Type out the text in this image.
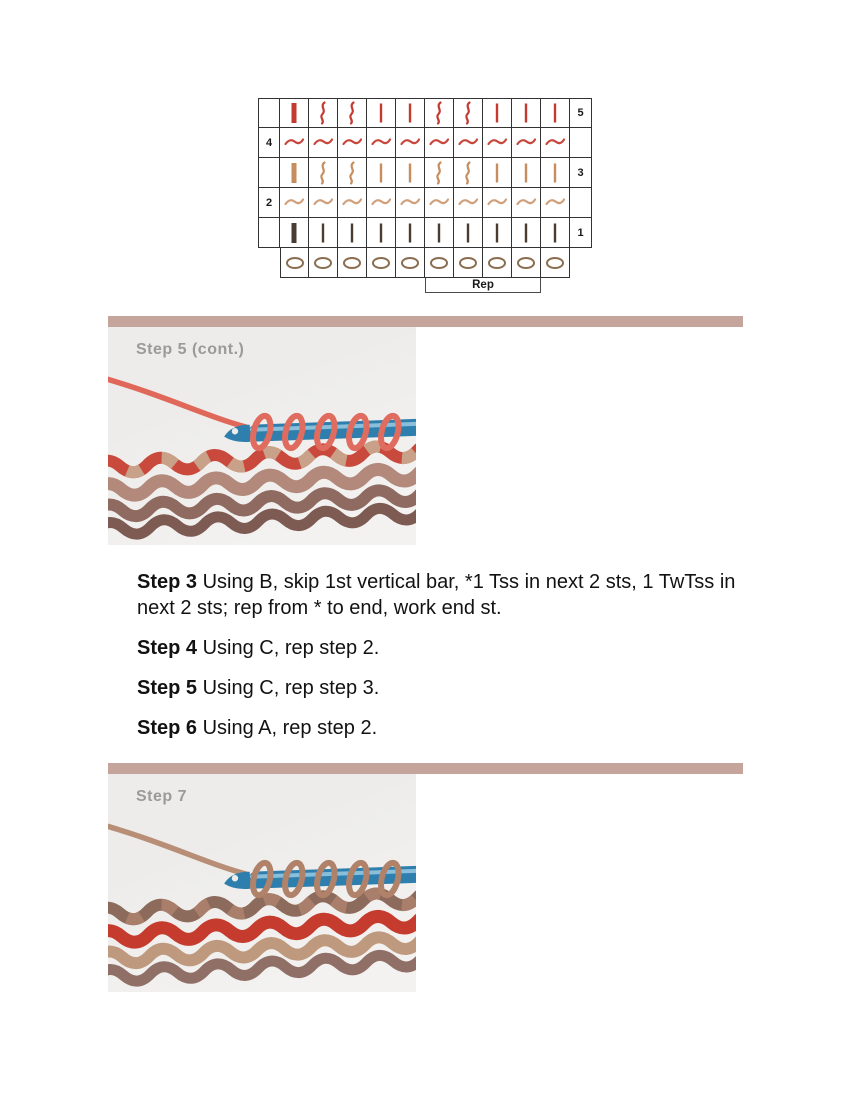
5
4
3
2
1
Rep
Step 5 (cont.)

Step 3 Using B, skip 1st vertical bar, *1 Tss in next 2 sts, 1 TwTss in next 2 sts; rep from * to end, work end st.

Step 4 Using C, rep step 2.

Step 5 Using C, rep step 3.

Step 6 Using A, rep step 2.

Step 7
